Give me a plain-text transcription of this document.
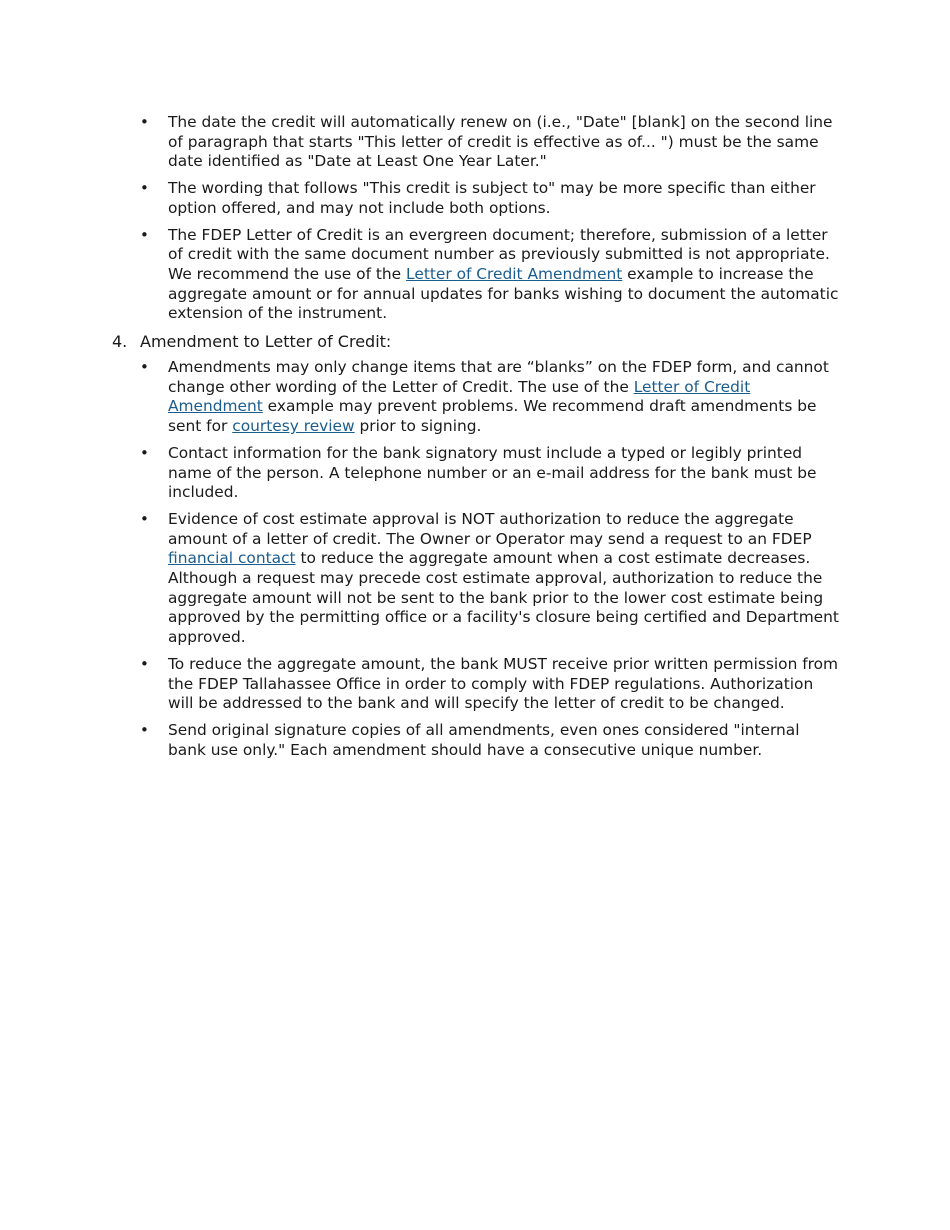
• The date the credit will automatically renew on (i.e., "Date" [blank] on the second line of paragraph that starts "This letter of credit is effective as of... ") must be the same date identified as "Date at Least One Year Later."
• The wording that follows "This credit is subject to" may be more specific than either option offered, and may not include both options.
• The FDEP Letter of Credit is an evergreen document; therefore, submission of a letter of credit with the same document number as previously submitted is not appropriate. We recommend the use of the Letter of Credit Amendment example to increase the aggregate amount or for annual updates for banks wishing to document the automatic extension of the instrument.
4. Amendment to Letter of Credit:
• Amendments may only change items that are “blanks” on the FDEP form, and cannot change other wording of the Letter of Credit. The use of the Letter of Credit Amendment example may prevent problems. We recommend draft amendments be sent for courtesy review prior to signing.
• Contact information for the bank signatory must include a typed or legibly printed name of the person. A telephone number or an e-mail address for the bank must be included.
• Evidence of cost estimate approval is NOT authorization to reduce the aggregate amount of a letter of credit. The Owner or Operator may send a request to an FDEP financial contact to reduce the aggregate amount when a cost estimate decreases. Although a request may precede cost estimate approval, authorization to reduce the aggregate amount will not be sent to the bank prior to the lower cost estimate being approved by the permitting office or a facility's closure being certified and Department approved.
• To reduce the aggregate amount, the bank MUST receive prior written permission from the FDEP Tallahassee Office in order to comply with FDEP regulations. Authorization will be addressed to the bank and will specify the letter of credit to be changed.
• Send original signature copies of all amendments, even ones considered "internal bank use only." Each amendment should have a consecutive unique number.
